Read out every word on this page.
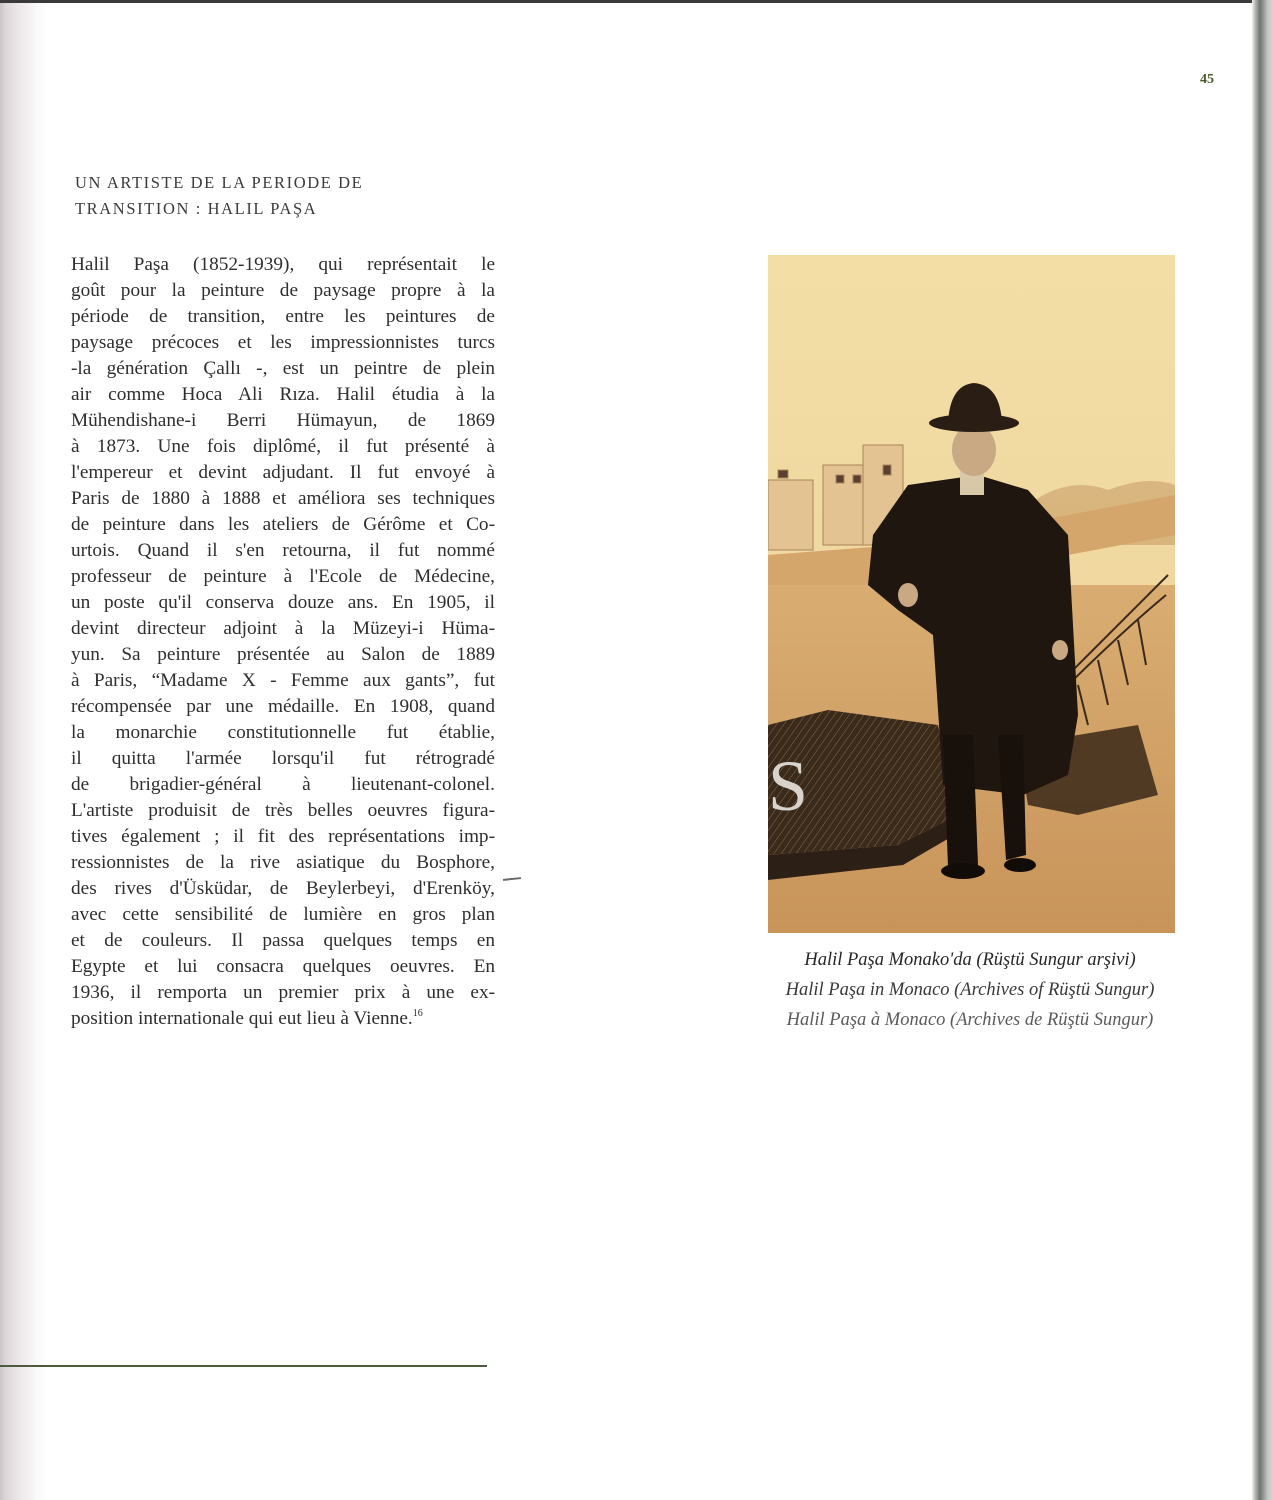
45
UN ARTISTE DE LA PERIODE DE
TRANSITION : HALIL PAŞA
Halil Paşa (1852-1939), qui représentait le
goût pour la peinture de paysage propre à la
période de transition, entre les peintures de
paysage précoces et les impressionnistes turcs
-la génération Çallı -, est un peintre de plein
air comme Hoca Ali Rıza. Halil étudia à la
Mühendishane-i Berri Hümayun, de 1869
à 1873. Une fois diplômé, il fut présenté à
l'empereur et devint adjudant. Il fut envoyé à
Paris de 1880 à 1888 et améliora ses techniques
de peinture dans les ateliers de Gérôme et Co-
urtois. Quand il s'en retourna, il fut nommé
professeur de peinture à l'Ecole de Médecine,
un poste qu'il conserva douze ans. En 1905, il
devint directeur adjoint à la Müzeyi-i Hüma-
yun. Sa peinture présentée au Salon de 1889
à Paris, “Madame X - Femme aux gants”, fut
récompensée par une médaille. En 1908, quand
la monarchie constitutionnelle fut établie,
il quitta l'armée lorsqu'il fut rétrogradé
de brigadier-général à lieutenant-colonel.
L'artiste produisit de très belles oeuvres figura-
tives également ; il fit des représentations imp-
ressionnistes de la rive asiatique du Bosphore,
des rives d'Üsküdar, de Beylerbeyi, d'Erenköy,
avec cette sensibilité de lumière en gros plan
et de couleurs. Il passa quelques temps en
Egypte et lui consacra quelques oeuvres. En
1936, il remporta un premier prix à une ex-
position internationale qui eut lieu à Vienne.$^{16}$
S
Halil Paşa Monako'da (Rüştü Sungur arşivi)
Halil Paşa in Monaco (Archives of Rüştü Sungur)
Halil Paşa à Monaco (Archives de Rüştü Sungur)
